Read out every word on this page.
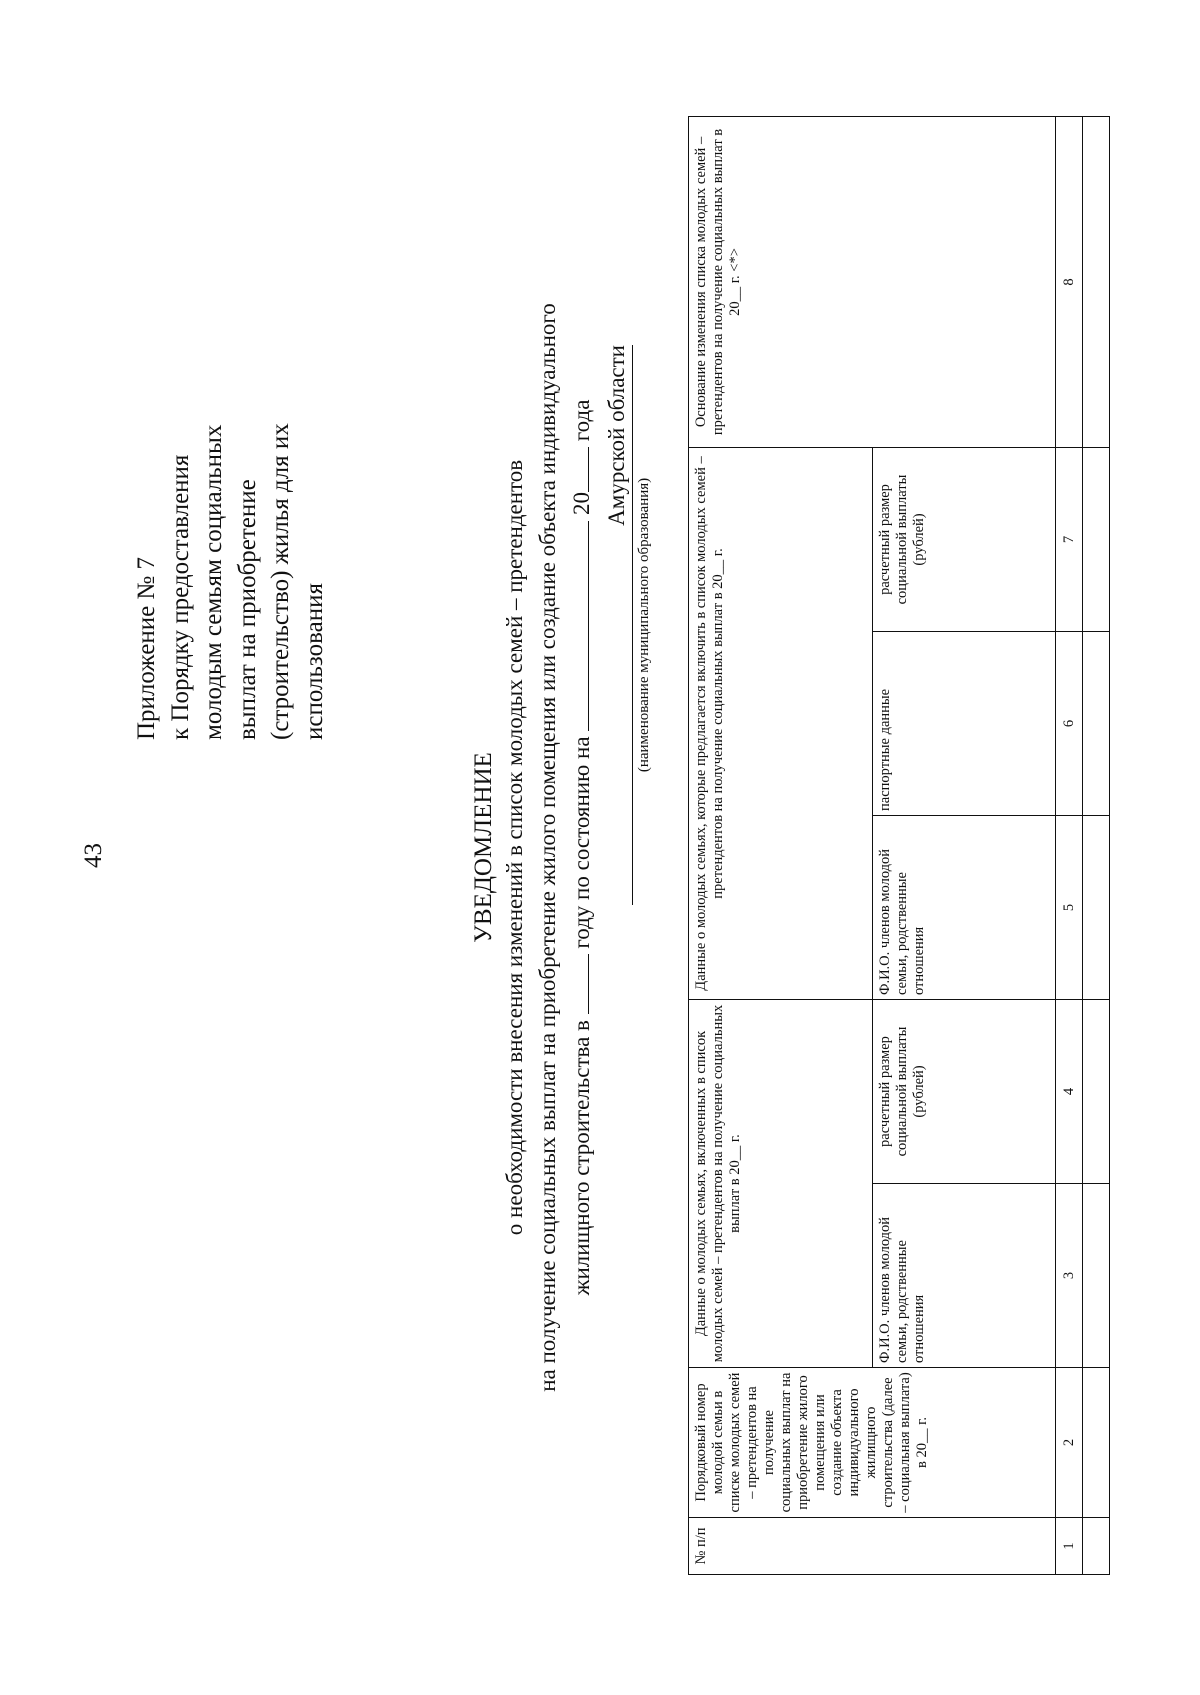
43
Приложение № 7 к Порядку предоставления молодым семьям социальных выплат на приобретение (строительство) жилья для их использования
УВЕДОМЛЕНИЕ о необходимости внесения изменений в список молодых семей – претендентов на получение социальных выплат на приобретение жилого помещения или создание объекта индивидуального жилищного строительства в  году по состоянию на  20 года Амурской области
(наименование муниципального образования)
№ п/п	Порядковый номер молодой семьи в списке молодых семей – претендентов на получение социальных выплат на приобретение жилого помещения или создание объекта индивидуального жилищного строительства (далее – социальная выплата) в 20__ г.	Данные о молодых семьях, включенных в список молодых семей – претендентов на получение социальных выплат в 20__ г.		Данные о молодых семьях, которые предлагается включить в список молодых семей – претендентов на получение социальных выплат в 20__ г.			Основание изменения списка молодых семей – претендентов на получение социальных выплат в 20__ г. <*>
		Ф.И.О. членов молодой семьи, родственные отношения	расчетный размер социальной выплаты (рублей)	Ф.И.О. членов молодой семьи, родственные отношения	паспортные данные	расчетный размер социальной выплаты (рублей)	
1	2	3	4	5	6	7	8
